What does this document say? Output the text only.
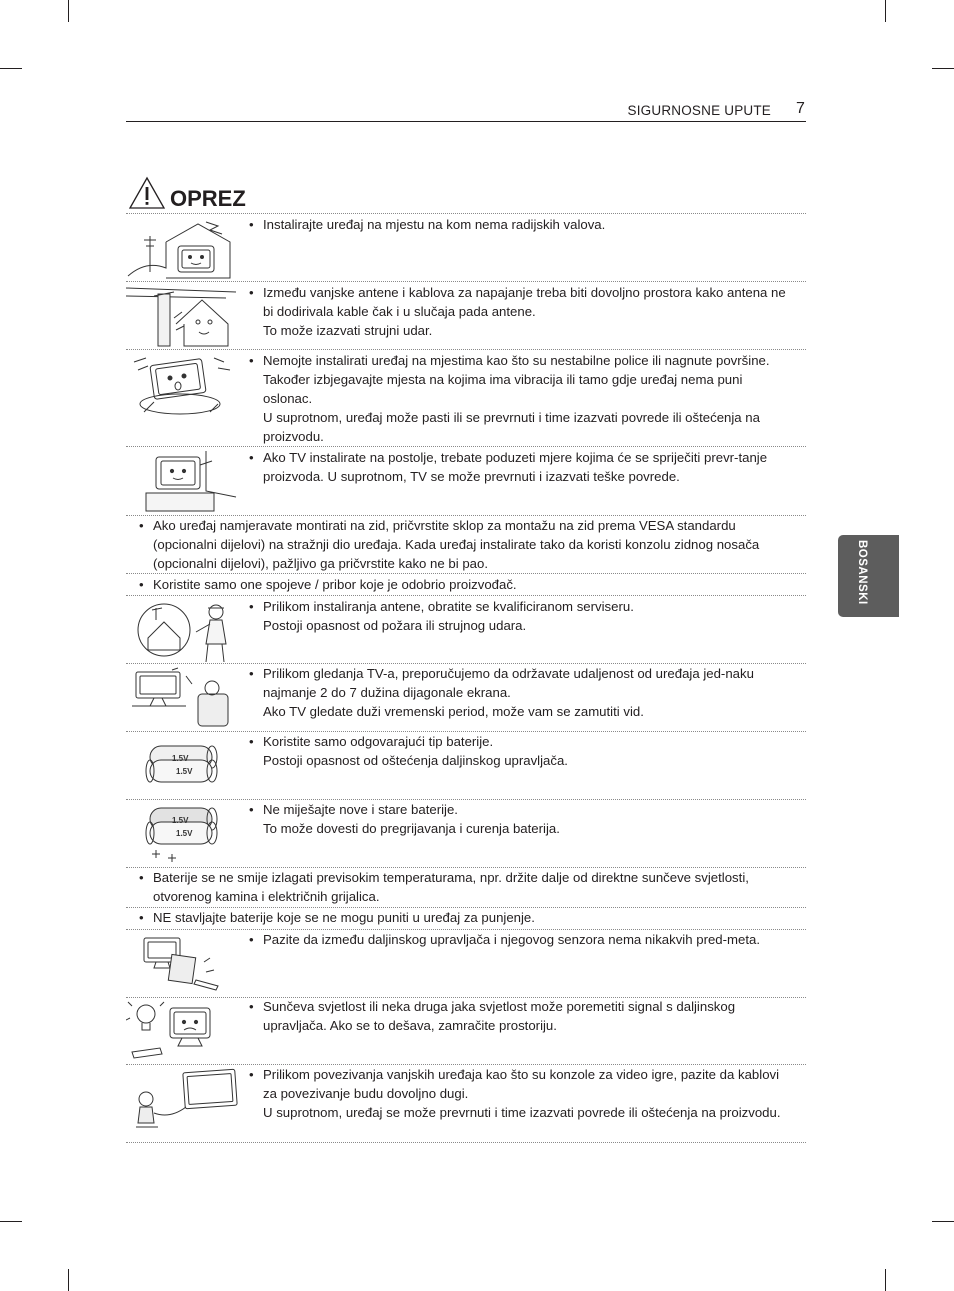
SIGURNOSNE UPUTE 7
BOSANSKI
OPREZ
1.5V
1.5V
1.5V
1.5V
• Instalirajte uređaj na mjestu na kom nema radijskih valova.

• Između vanjske antene i kablova za napajanje treba biti dovoljno prostora kako antena ne bi dodirivala kable čak i u slučaja pada antene.

To može izazvati strujni udar.

• Nemojte instalirati uređaj na mjestima kao što su nestabilne police ili nagnute površine. Također izbjegavajte mjesta na kojima ima vibracija ili tamo gdje uređaj nema puni oslonac.

U suprotnom, uređaj može pasti ili se prevrnuti i time izazvati povrede ili oštećenja na proizvodu.

• Ako TV instalirate na postolje, trebate poduzeti mjere kojima će se spriječiti prevr-tanje proizvoda. U suprotnom, TV se može prevrnuti i izazvati teške povrede.

• Ako uređaj namjeravate montirati na zid, pričvrstite sklop za montažu na zid prema VESA standardu (opcionalni dijelovi) na stražnji dio uređaja. Kada uređaj instalirate tako da koristi konzolu zidnog nosača (opcionalni dijelovi), pažljivo ga pričvrstite kako ne bi pao.

• Koristite samo one spojeve / pribor koje je odobrio proizvođač.

• Prilikom instaliranja antene, obratite se kvalificiranom serviseru.

Postoji opasnost od požara ili strujnog udara.

• Prilikom gledanja TV-a, preporučujemo da održavate udaljenost od uređaja jed-naku najmanje 2 do 7 dužina dijagonale ekrana.

Ako TV gledate duži vremenski period, može vam se zamutiti vid.

• Koristite samo odgovarajući tip baterije.

Postoji opasnost od oštećenja daljinskog upravljača.

• Ne miješajte nove i stare baterije.

To može dovesti do pregrijavanja i curenja baterija.

• Baterije se ne smije izlagati previsokim temperaturama, npr. držite dalje od direktne sunčeve svjetlosti, otvorenog kamina i električnih grijalica.

• NE stavljajte baterije koje se ne mogu puniti u uređaj za punjenje.

• Pazite da između daljinskog upravljača i njegovog senzora nema nikakvih pred-meta.

• Sunčeva svjetlost ili neka druga jaka svjetlost može poremetiti signal s daljinskog upravljača. Ako se to dešava, zamračite prostoriju.

• Prilikom povezivanja vanjskih uređaja kao što su konzole za video igre, pazite da kablovi za povezivanje budu dovoljno dugi.

U suprotnom, uređaj se može prevrnuti i time izazvati povrede ili oštećenja na proizvodu.
